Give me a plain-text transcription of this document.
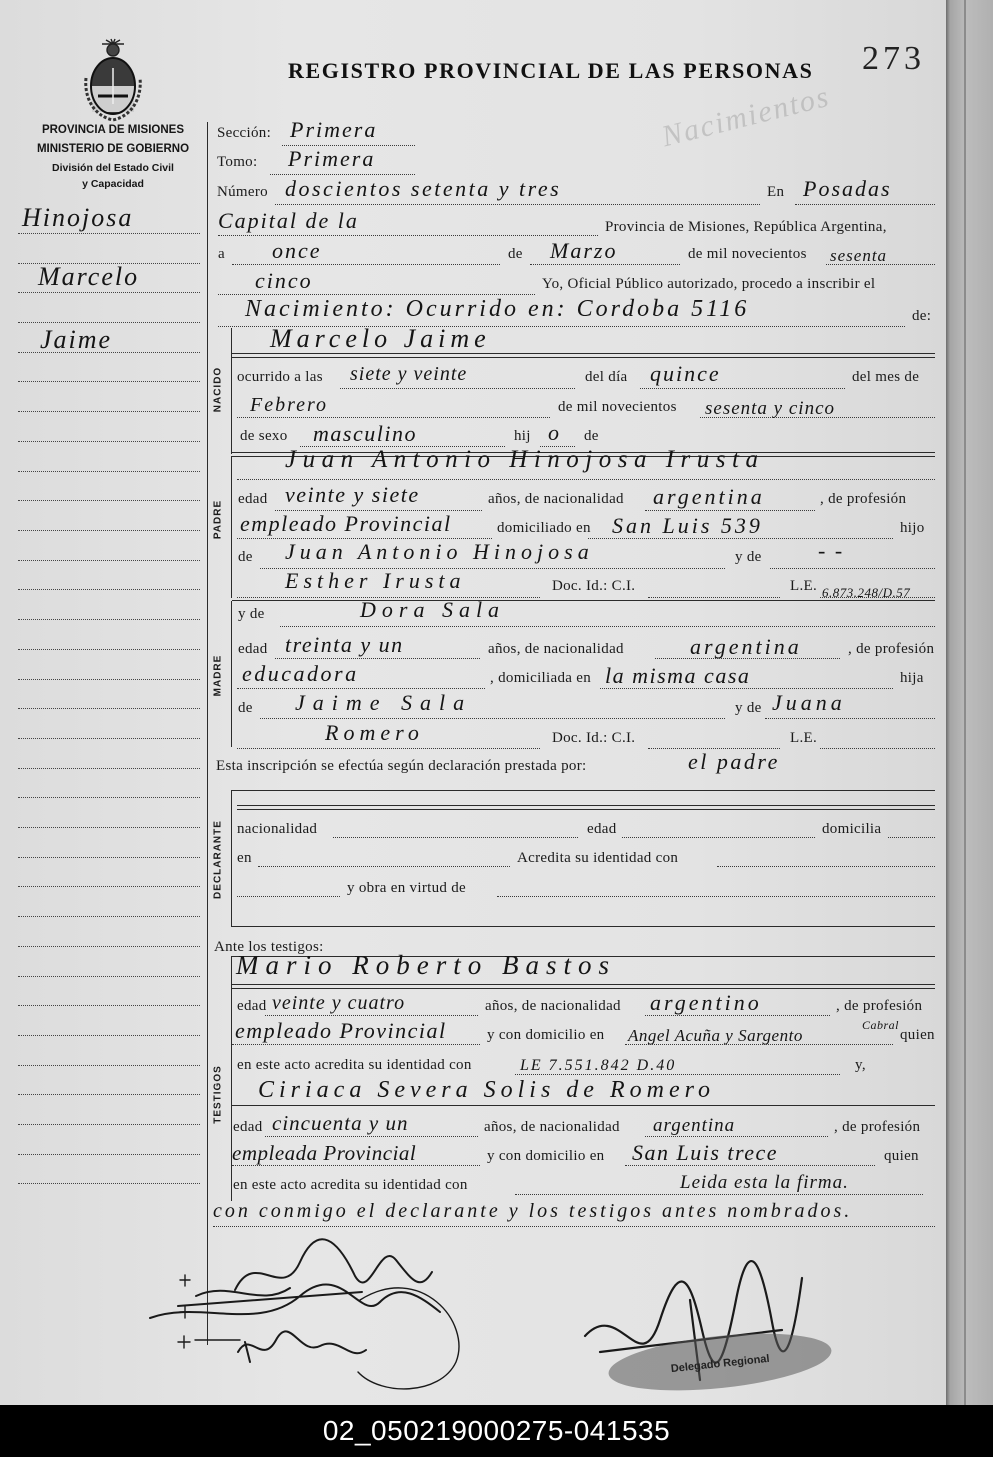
REGISTRO PROVINCIAL DE LAS PERSONAS 273
Nacimientos
PROVINCIA DE MISIONES
MINISTERIO DE GOBIERNO
División del Estado Civil
y Capacidad
Hinojosa
Marcelo
Jaime
Sección: Primera
Tomo: Primera
Número doscientos setenta y tres	En Posadas
Capital de la	Provincia de Misiones, República Argentina,
a once	de Marzo	de mil novecientos sesenta
cinco	Yo, Oficial Público autorizado, procedo a inscribir el
Nacimiento: Ocurrido en: Cordoba 5116	de:
NACIDO
Marcelo Jaime
ocurrido a las siete y veinte	del día quince	del mes de
Febrero	de mil novecientos sesenta y cinco
de sexo masculino	hij o de
PADRE
Juan Antonio Hinojosa Irusta
edad veinte y siete	años, de nacionalidad argentina	, de profesión
empleado Provincial	domiciliado en San Luis 539	hijo
de Juan Antonio Hinojosa	y de	- -
Esther Irusta	Doc. Id.: C.I.	L.E. 6.873.248/D.57
MADRE
y de	Dora Sala
edad treinta y un	años, de nacionalidad	argentina	, de profesión
educadora	, domiciliada en la misma casa	hija
de Jaime Sala	y de Juana
Romero	Doc. Id.: C.I.	L.E.
Esta inscripción se efectúa según declaración prestada por:	el padre
DECLARANTE nacionalidad	edad	domicilia
en	Acredita su identidad con
y obra en virtud de
Ante los testigos:
TESTIGOS
Mario Roberto Bastos
edad veinte y cuatro	años, de nacionalidad argentino	, de profesión
empleado Provincial	y con domicilio en Angel Acuña y Sargento
Cabral
quien
en este acto acredita su identidad con	LE 7.551.842 D.40	y,
Ciriaca Severa Solis de Romero
edad cincuenta y un	años, de nacionalidad argentina	, de profesión
empleada Provincial	y con domicilio en San Luis trece	quien
en este acto acredita su identidad con	Leida esta la firma.
con conmigo el declarante y los testigos antes nombrados.
Delegado Regional
02_050219000275-041535
